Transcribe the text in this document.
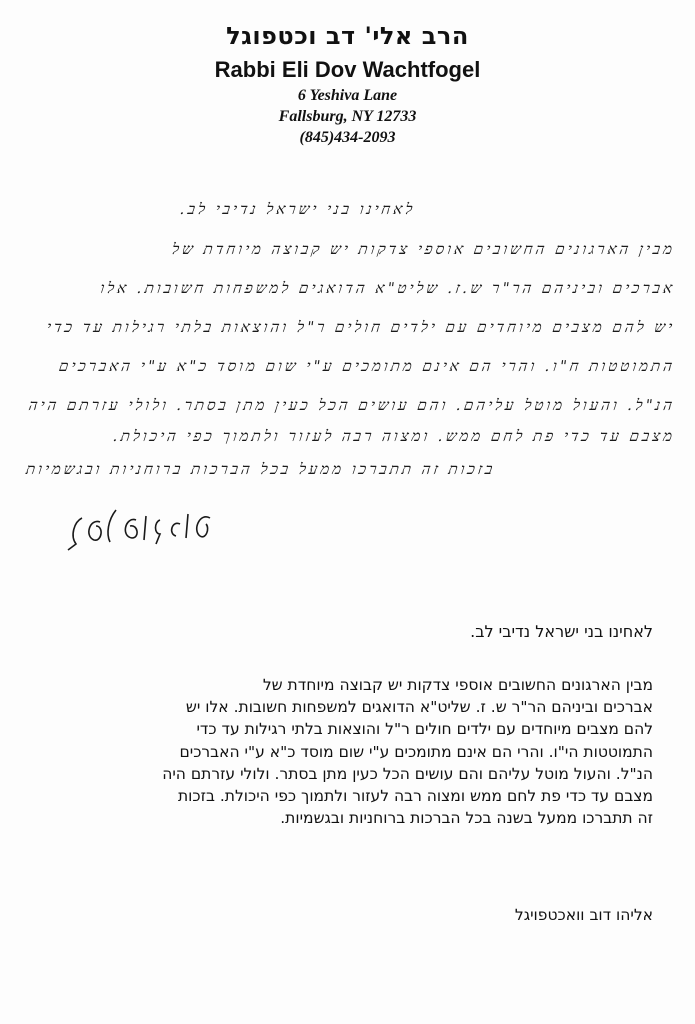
הרב אלי' דב וכטפוגל
Rabbi Eli Dov Wachtfogel
6 Yeshiva Lane
Fallsburg, NY 12733
(845)434-2093
לאחינו בני ישראל נדיבי לב.
מבין הארגונים החשובים אוספי צדקות יש קבוצה מיוחדת של
אברכים וביניהם הר"ר ש.ז. שליט"א הדואגים למשפחות חשובות. אלו
יש להם מצבים מיוחדים עם ילדים חולים ר"ל והוצאות בלתי רגילות עד כדי
התמוטטות ח"ו. והרי הם אינם מתומכים ע"י שום מוסד כ"א ע"י האברכים
הנ"ל. והעול מוטל עליהם. והם עושים הכל כעין מתן בסתר. ולולי עזרתם היה
מצבם עד כדי פת לחם ממש. ומצוה רבה לעזור ולתמוך כפי היכולת.
בזכות זה תתברכו ממעל בכל הברכות ברוחניות ובגשמיות
לאחינו בני ישראל נדיבי לב.
מבין הארגונים החשובים אוספי צדקות יש קבוצה מיוחדת של
אברכים וביניהם הר"ר ש. ז. שליט"א הדואגים למשפחות חשובות. אלו יש
להם מצבים מיוחדים עם ילדים חולים ר"ל והוצאות בלתי רגילות עד כדי
התמוטטות הי"ו. והרי הם אינם מתומכים ע"י שום מוסד כ"א ע"י האברכים
הנ"ל. והעול מוטל עליהם והם עושים הכל כעין מתן בסתר. ולולי עזרתם היה
מצבם עד כדי פת לחם ממש ומצוה רבה לעזור ולתמוך כפי היכולת. בזכות
זה תתברכו ממעל בשנה בכל הברכות ברוחניות ובגשמיות.
אליהו דוב וואכטפויגל
